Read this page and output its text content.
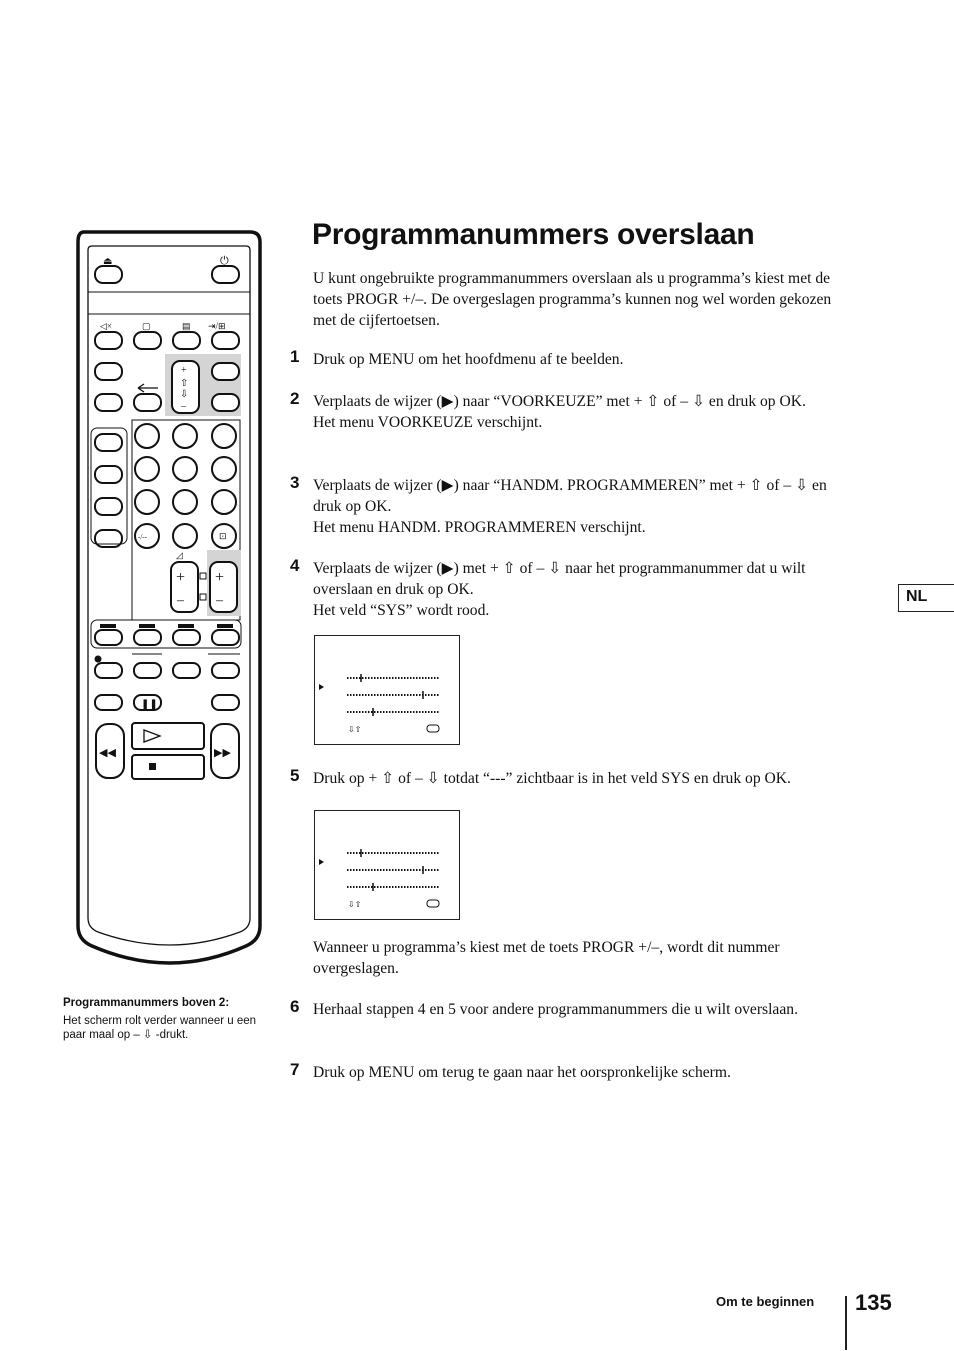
⏏	⏻
◁×	▢	▤ ⇥/⊞
+
⇧
⇩
–
-/--	⊡
◿
+
–
+
–
❚❚
◀◀	▶▶
Programmanummers overslaan
U kunt ongebruikte programmanummers overslaan als u programma’s kiest met de toets PROGR +/–. De overgeslagen programma’s kunnen nog wel worden gekozen met de cijfertoetsen.
1 Druk op MENU om het hoofdmenu af te beelden.
2 Verplaats de wijzer (▶) naar “VOORKEUZE” met + ⇧ of – ⇩ en druk op OK.
Het menu VOORKEUZE verschijnt.
3 Verplaats de wijzer (▶) naar “HANDM. PROGRAMMEREN” met + ⇧ of – ⇩ en druk op OK.
Het menu HANDM. PROGRAMMEREN verschijnt.
4 Verplaats de wijzer (▶) met + ⇧ of – ⇩ naar het programmanummer dat u wilt overslaan en druk op OK.
Het veld “SYS” wordt rood.
⇩⇧
5 Druk op + ⇧ of – ⇩ totdat “---” zichtbaar is in het veld SYS en druk op OK.
⇩⇧
Wanneer u programma’s kiest met de toets PROGR +/–, wordt dit nummer overgeslagen.
6 Herhaal stappen 4 en 5 voor andere programmanummers die u wilt overslaan.
7 Druk op MENU om terug te gaan naar het oorspronkelijke scherm.
NL
Programmanummers boven 2:
Het scherm rolt verder wanneer u een paar maal op – ⇩ -drukt.
Om te beginnen 135
